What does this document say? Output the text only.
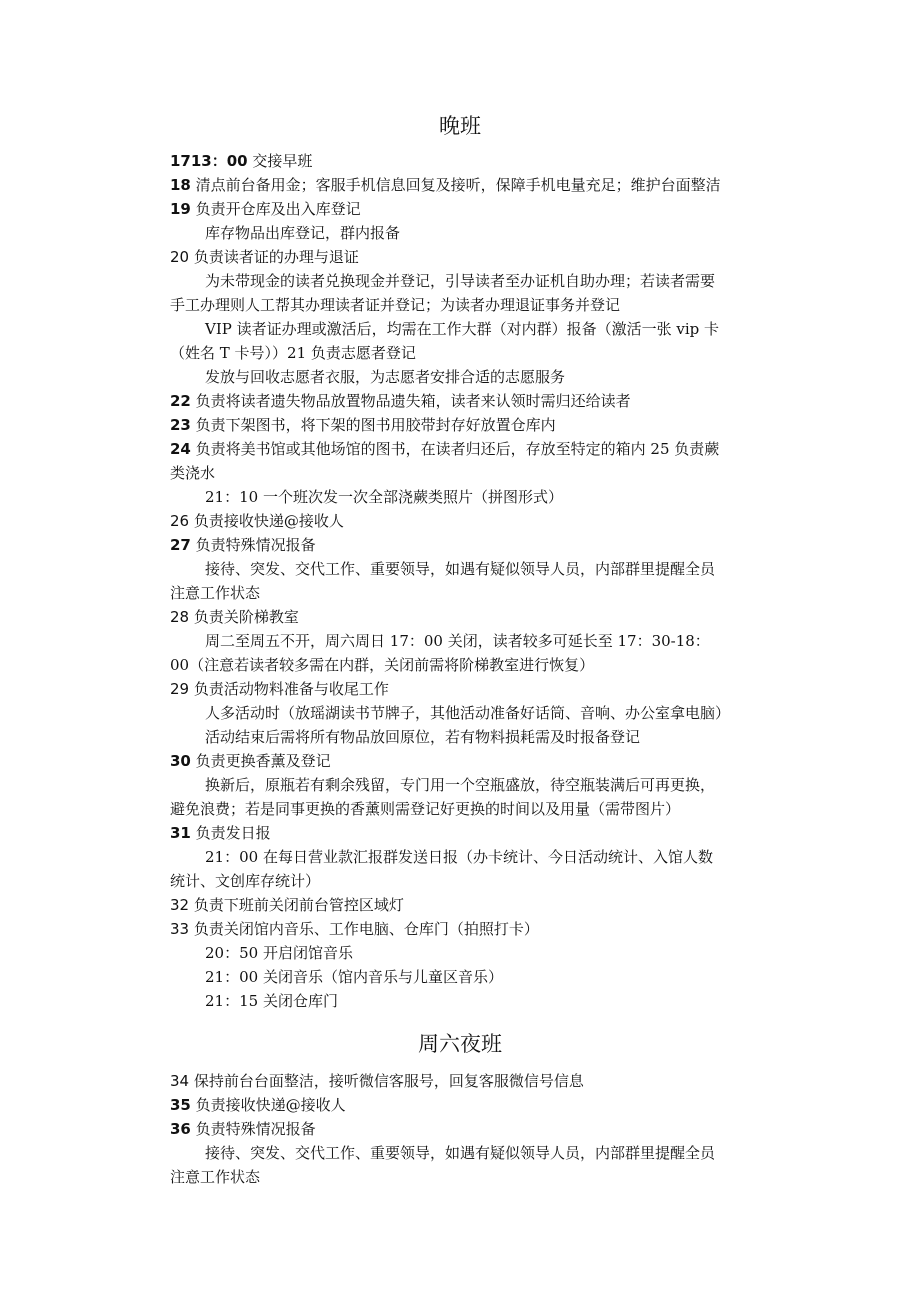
晚班
1713：00 交接早班
18 清点前台备用金；客服手机信息回复及接听，保障手机电量充足；维护台面整洁
19 负责开仓库及出入库登记
库存物品出库登记，群内报备
20 负责读者证的办理与退证
为未带现金的读者兑换现金并登记，引导读者至办证机自助办理；若读者需要
手工办理则人工帮其办理读者证并登记；为读者办理退证事务并登记
VIP 读者证办理或激活后，均需在工作大群（对内群）报备（激活一张 vip 卡
（姓名 T 卡号））21 负责志愿者登记
发放与回收志愿者衣服，为志愿者安排合适的志愿服务
22 负责将读者遗失物品放置物品遗失箱，读者来认领时需归还给读者
23 负责下架图书，将下架的图书用胶带封存好放置仓库内
24 负责将美书馆或其他场馆的图书，在读者归还后，存放至特定的箱内 25 负责蕨
类浇水
21：10 一个班次发一次全部浇蕨类照片（拼图形式）
26 负责接收快递@接收人
27 负责特殊情况报备
接待、突发、交代工作、重要领导，如遇有疑似领导人员，内部群里提醒全员
注意工作状态
28 负责关阶梯教室
周二至周五不开，周六周日 17：00 关闭，读者较多可延长至 17：30-18：
00（注意若读者较多需在内群，关闭前需将阶梯教室进行恢复）
29 负责活动物料准备与收尾工作
人多活动时（放瑶湖读书节牌子，其他活动准备好话筒、音响、办公室拿电脑）
活动结束后需将所有物品放回原位，若有物料损耗需及时报备登记
30 负责更换香薰及登记
换新后，原瓶若有剩余残留，专门用一个空瓶盛放，待空瓶装满后可再更换，
避免浪费；若是同事更换的香薰则需登记好更换的时间以及用量（需带图片）
31 负责发日报
21：00 在每日营业款汇报群发送日报（办卡统计、今日活动统计、入馆人数
统计、文创库存统计）
32 负责下班前关闭前台管控区域灯
33 负责关闭馆内音乐、工作电脑、仓库门（拍照打卡）
20：50 开启闭馆音乐
21：00 关闭音乐（馆内音乐与儿童区音乐）
21：15 关闭仓库门
周六夜班
34 保持前台台面整洁，接听微信客服号，回复客服微信号信息
35 负责接收快递@接收人
36 负责特殊情况报备
接待、突发、交代工作、重要领导，如遇有疑似领导人员，内部群里提醒全员
注意工作状态
